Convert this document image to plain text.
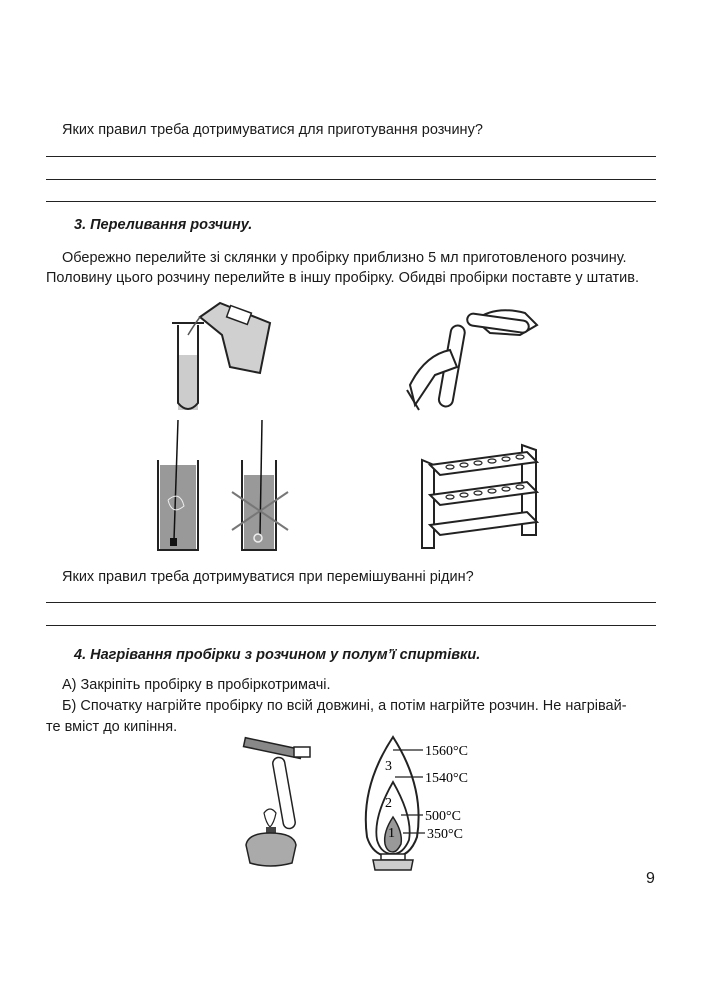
Яких правил треба дотримуватися для приготування розчину?
3. Переливання розчину.
Обережно перелийте зі склянки у пробірку приблизно 5 мл приготовленого розчину.
Половину цього розчину перелийте в іншу пробірку. Обидві пробірки поставте у штатив.
Яких правил треба дотримуватися при перемішуванні рідин?
4. Нагрівання пробірки з розчином у полум’ї спиртівки.
А) Закріпіть пробірку в пробіркотримачі.
Б) Спочатку нагрійте пробірку по всій довжині, а потім нагрійте розчин. Не нагрівай-
те вміст до кипіння.
3
2
1
1560°С
1540°С
500°С
350°С
9
